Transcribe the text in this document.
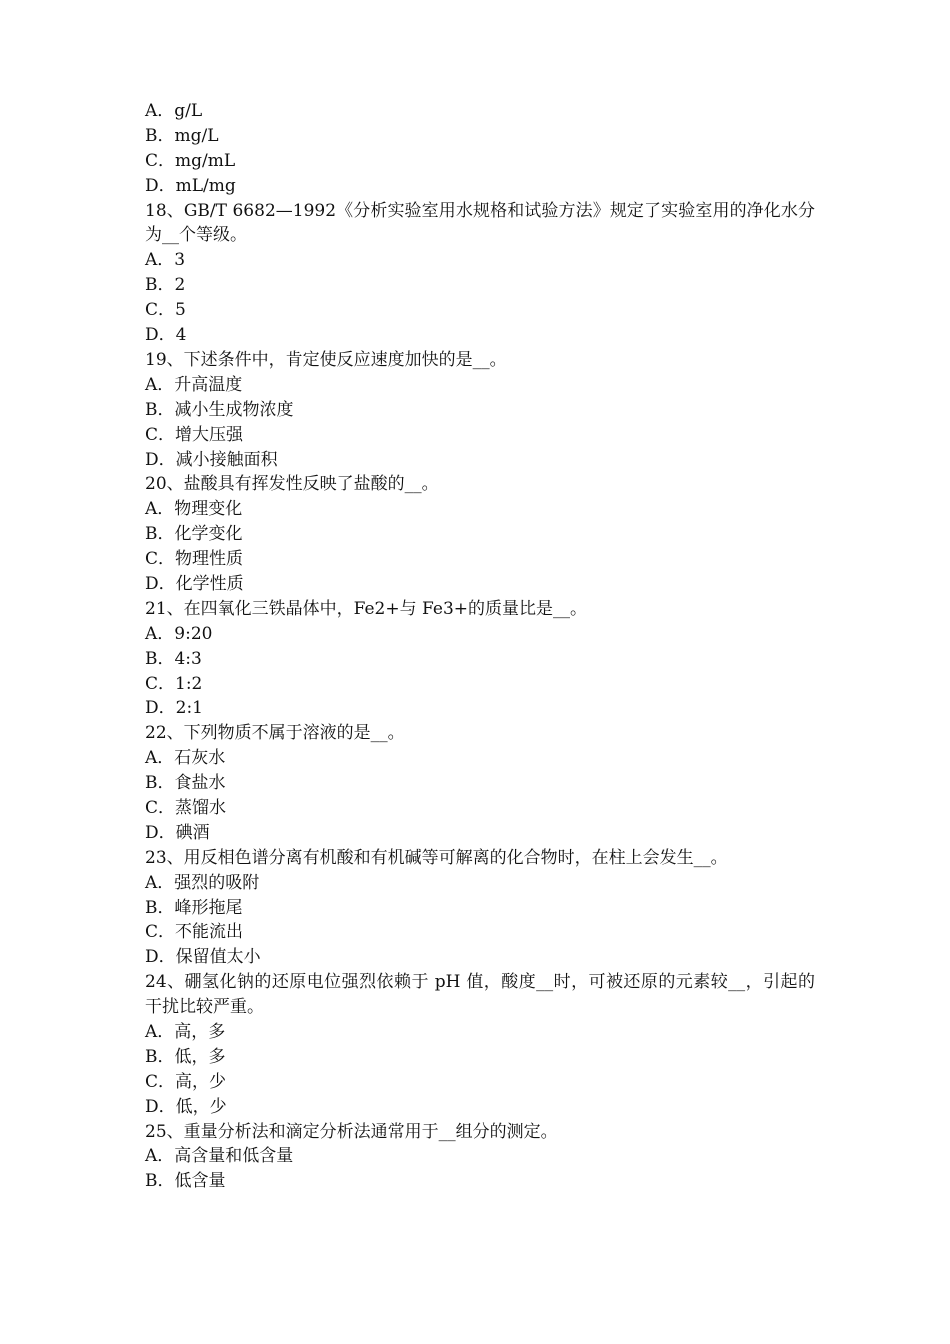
A．g/L
B．mg/L
C．mg/mL
D．mL/mg
18、GB/T 6682—1992《分析实验室用水规格和试验方法》规定了实验室用的净化水分为__个等级。
A．3
B．2
C．5
D．4
19、下述条件中，肯定使反应速度加快的是__。
A．升高温度
B．减小生成物浓度
C．增大压强
D．减小接触面积
20、盐酸具有挥发性反映了盐酸的__。
A．物理变化
B．化学变化
C．物理性质
D．化学性质
21、在四氧化三铁晶体中，Fe2+与 Fe3+的质量比是__。
A．9:20
B．4:3
C．1:2
D．2:1
22、下列物质不属于溶液的是__。
A．石灰水
B．食盐水
C．蒸馏水
D．碘酒
23、用反相色谱分离有机酸和有机碱等可解离的化合物时，在柱上会发生__。
A．强烈的吸附
B．峰形拖尾
C．不能流出
D．保留值太小
24、硼氢化钠的还原电位强烈依赖于 pH 值，酸度__时，可被还原的元素较__，引起的干扰比较严重。
A．高，多
B．低，多
C．高，少
D．低，少
25、重量分析法和滴定分析法通常用于__组分的测定。
A．高含量和低含量
B．低含量
